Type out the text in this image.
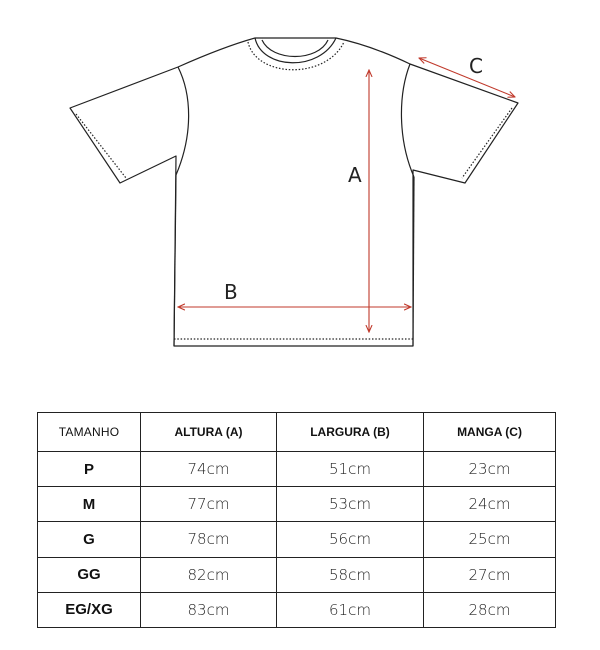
A
B
C
TAMANHO	ALTURA (A)	LARGURA (B)	MANGA (C)
P	74cm	51cm	23cm
M	77cm	53cm	24cm
G	78cm	56cm	25cm
GG	82cm	58cm	27cm
EG/XG	83cm	61cm	28cm
